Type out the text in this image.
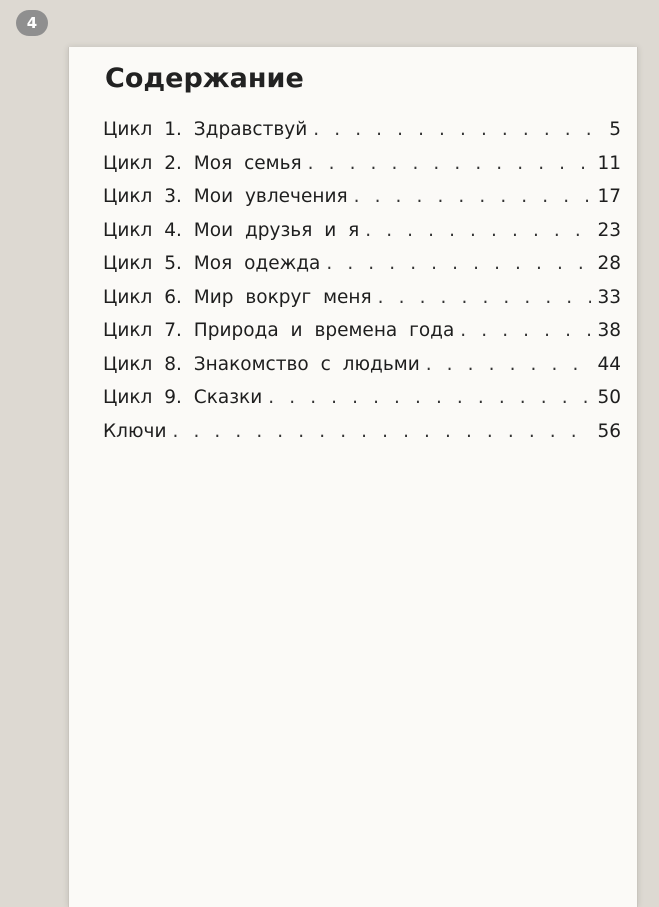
4
Содержание
Цикл 1. Здравствуй . . .	5
Цикл 2. Моя семья . . .	11
Цикл 3. Мои увлечения . . .	17
Цикл 4. Мои друзья и я . . .	23
Цикл 5. Моя одежда . . .	28
Цикл 6. Мир вокруг меня . . .	33
Цикл 7. Природа и времена года . . .	38
Цикл 8. Знакомство с людьми . . .	44
Цикл 9. Сказки . . .	50
Ключи . . .	56
